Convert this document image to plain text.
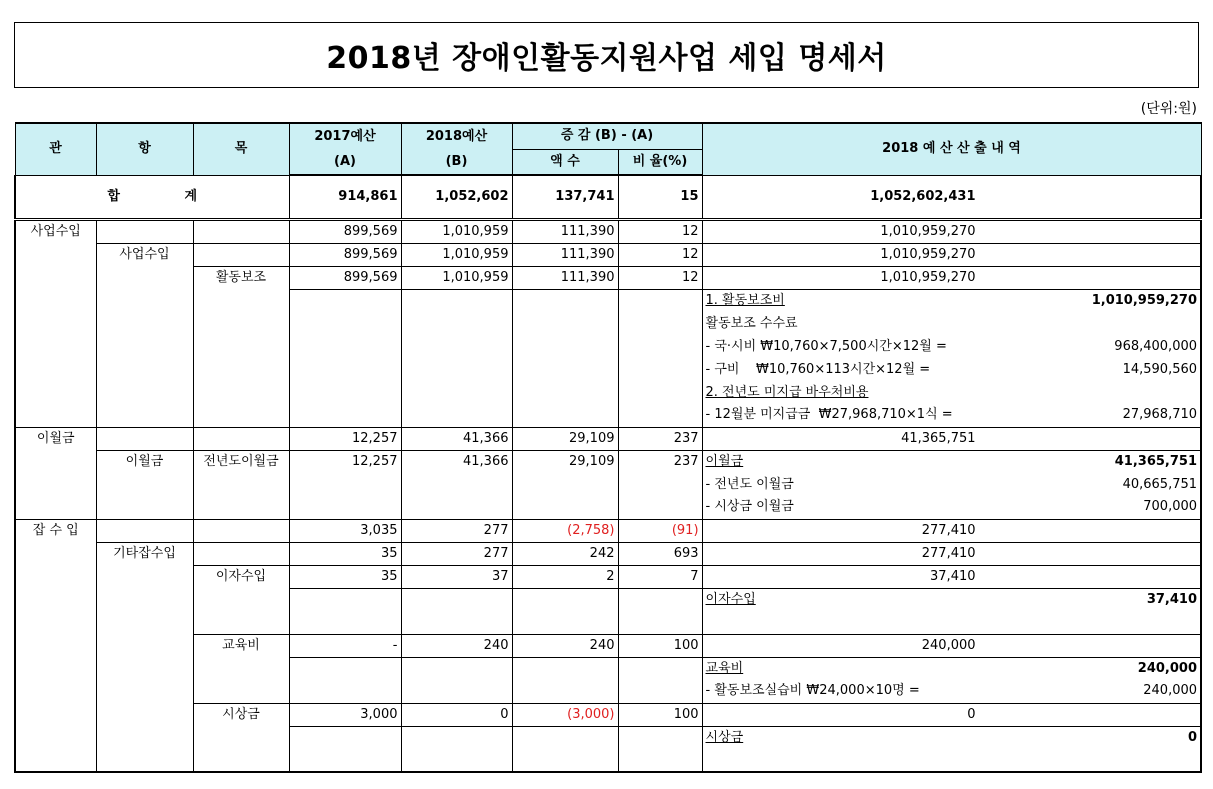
2018년 장애인활동지원사업 세입 명세서
(단위:원)
관	항	목	2017예산	2018예산	증 감 (B) - (A)		2018 예 산 산 출 내 역
			(A)	(B)	액 수	비 율(%)	
합 계			914,861	1,052,602	137,741	15	1,052,602,431
사업수입			899,569	1,010,959	111,390	12	1,010,959,270
	사업수입		899,569	1,010,959	111,390	12	1,010,959,270
		활동보조	899,569	1,010,959	111,390	12	1,010,959,270

							1. 활동보조비 1,010,959,270

							활동보조 수수료

							- 국·시비 ₩10,760×7,500시간×12월 = 968,400,000

							- 구비    ₩10,760×113시간×12월 = 14,590,560

							2. 전년도 미지급 바우처비용

							- 12월분 미지급금  ₩27,968,710×1식 = 27,968,710

이월금			12,257	41,366	29,109	237	41,365,751
	이월금	전년도이월금	12,257	41,366	29,109	237	이월금 41,365,751

							- 전년도 이월금 40,665,751

							- 시상금 이월금 700,000

잡 수 입			3,035	277	(2,758)	(91)	277,410
	기타잡수입		35	277	242	693	277,410
		이자수입	35	37	2	7	37,410

							이자수입 37,410

		교육비	-	240	240	100	240,000

							교육비 240,000

							- 활동보조실습비 ₩24,000×10명 = 240,000

		시상금	3,000	0	(3,000)	100	0

							시상금 0
